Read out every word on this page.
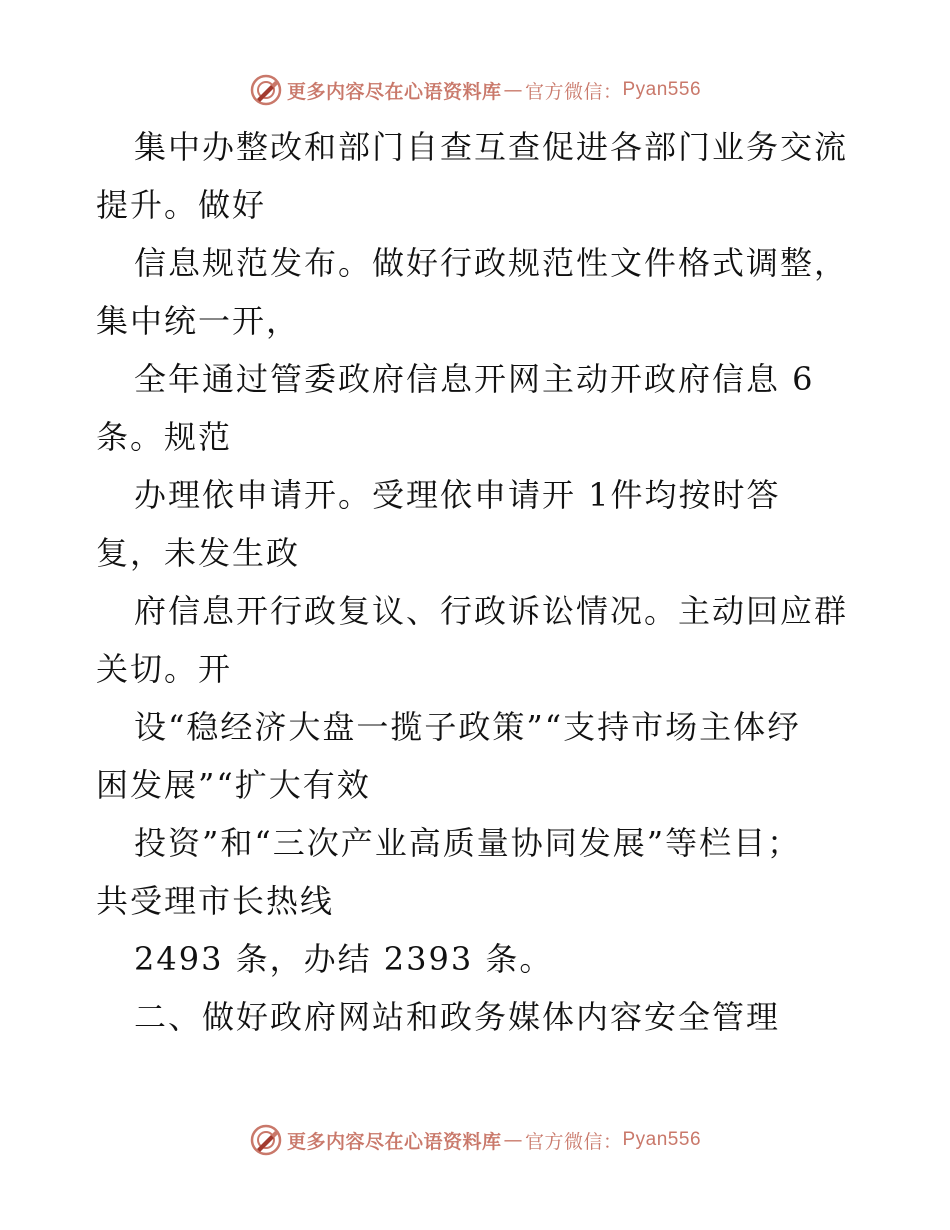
更多内容尽在心语资料库 — 官方微信： Pyan556
集中办整改和部门自查互查促进各部门业务交流
提升。做好
信息规范发布。做好行政规范性文件格式调整，
集中统一开，
全年通过管委政府信息开网主动开政府信息 6
条。规范
办理依申请开。受理依申请开 1件均按时答
复，未发生政
府信息开行政复议、行政诉讼情况。主动回应群
关切。开
设“稳经济大盘一揽子政策”“支持市场主体纾
困发展”“扩大有效
投资”和“三次产业高质量协同发展”等栏目；
共受理市长热线
2493 条，办结 2393 条。
二、做好政府网站和政务媒体内容安全管理
更多内容尽在心语资料库 — 官方微信： Pyan556
